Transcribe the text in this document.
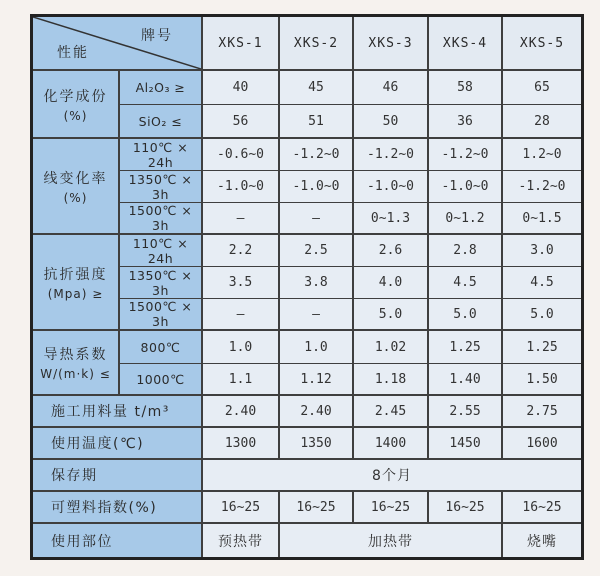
牌号
性能		XKS-1	XKS-2	XKS-3	XKS-4	XKS-5

化学成份
(%)	Al₂O₃ ≥	40	45	46	58	65
	SiO₂ ≤	56	51	50	36	28

线变化率
(%)	110℃ × 24h	-0.6~0	-1.2~0	-1.2~0	-1.2~0	1.2~0
	1350℃ × 3h	-1.0~0	-1.0~0	-1.0~0	-1.0~0	-1.2~0
	1500℃ × 3h	–	–	0~1.3	0~1.2	0~1.5

抗折强度
(Mpa) ≥	110℃ × 24h	2.2	2.5	2.6	2.8	3.0
	1350℃ × 3h	3.5	3.8	4.0	4.5	4.5
	1500℃ × 3h	–	–	5.0	5.0	5.0

导热系数
W/(m·k) ≤	800℃	1.0	1.0	1.02	1.25	1.25
	1000℃	1.1	1.12	1.18	1.40	1.50
施工用料量 t/m³		2.40	2.40	2.45	2.55	2.75
使用温度(℃)		1300	1350	1400	1450	1600
保存期		8个月				
可塑料指数(%)		16~25	16~25	16~25	16~25	16~25
使用部位		预热带	加热带			烧嘴
